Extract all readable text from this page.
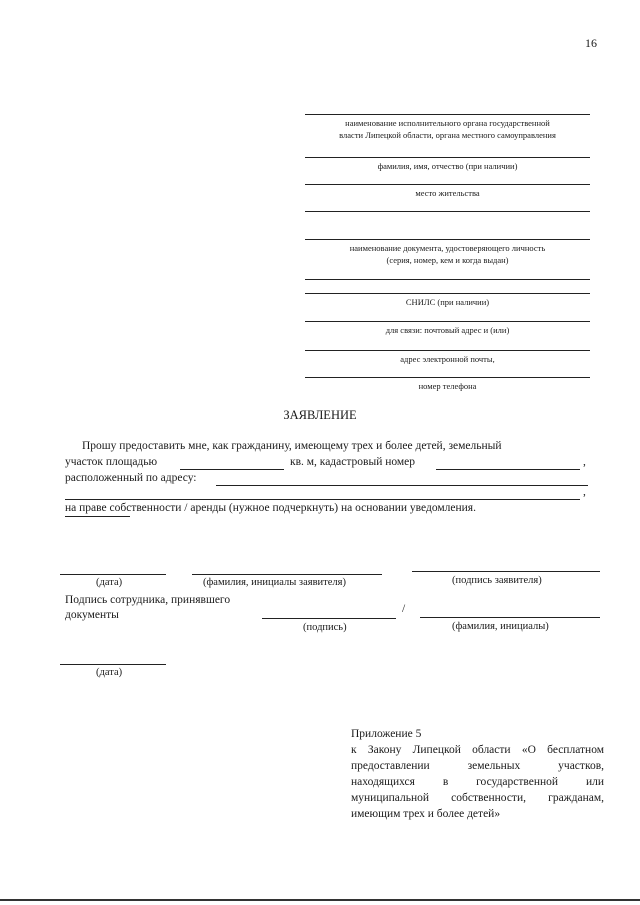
16
наименование исполнительного органа государственной
власти Липецкой области, органа местного самоуправления
фамилия, имя, отчество (при наличии)
место жительства
наименование документа, удостоверяющего личность
(серия, номер, кем и когда выдан)
СНИЛС (при наличии)
для связи: почтовый адрес и (или)
адрес электронной почты,
номер телефона
ЗАЯВЛЕНИЕ
Прошу предоставить мне, как гражданину, имеющему трех и более детей, земельный
участок площадью	кв. м, кадастровый номер	,
расположенный по адресу:
,
на праве собственности / аренды (нужное подчеркнуть) на основании уведомления.
(дата)	(фамилия, инициалы заявителя)	(подпись заявителя)
Подпись сотрудника, принявшего
документы	/
(подпись)	(фамилия, инициалы)
(дата)
Приложение 5
к Закону Липецкой области «О бесплатном
предоставлении земельных участков,
находящихся в государственной или
муниципальной собственности, гражданам,
имеющим трех и более детей»
